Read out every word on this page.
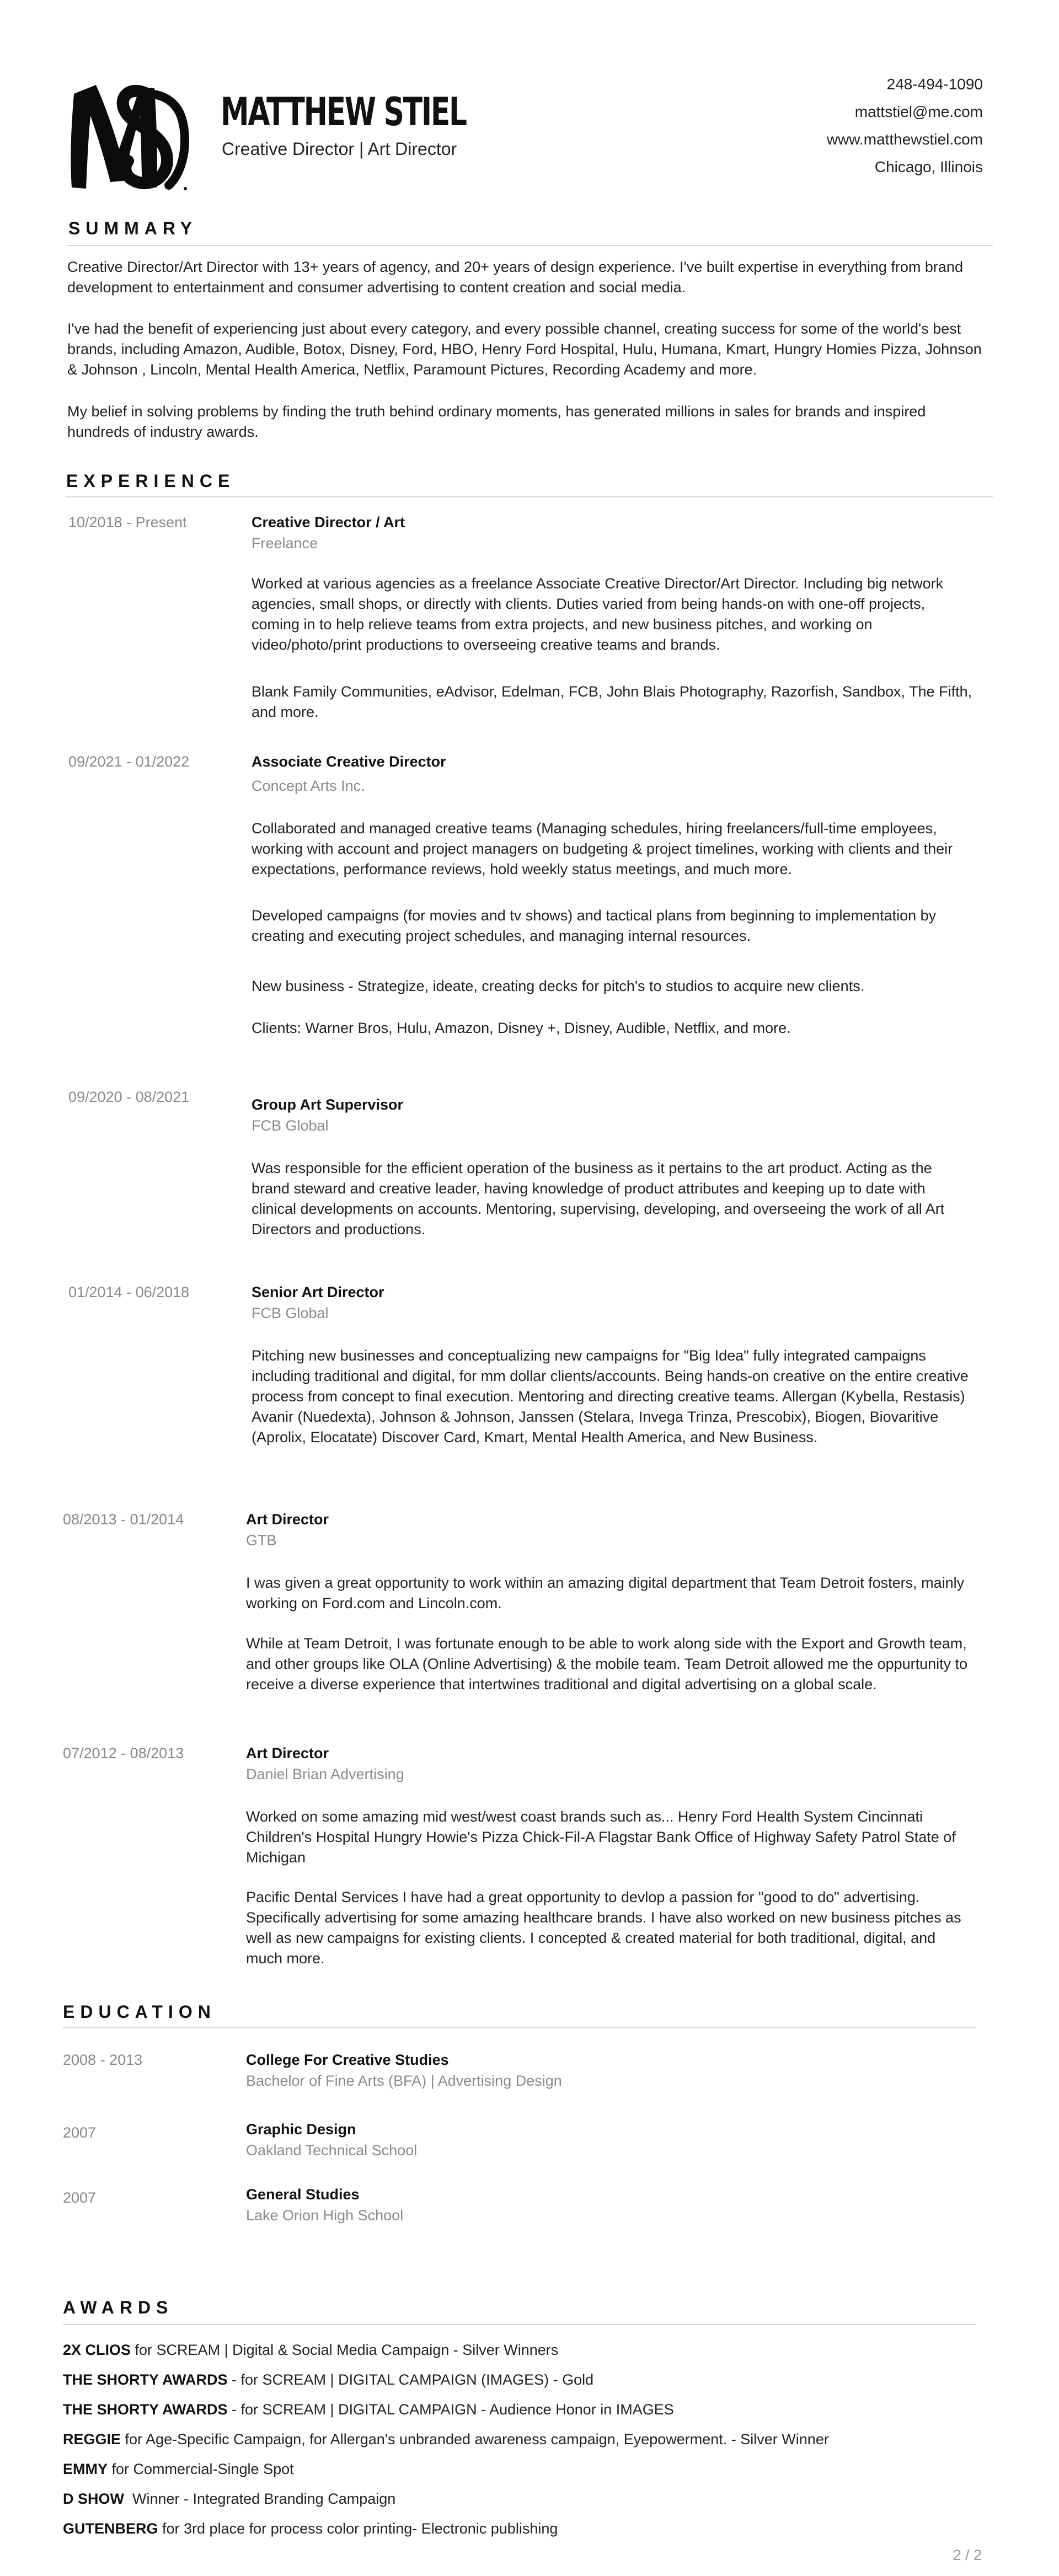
MATTHEW STIEL
Creative Director | Art Director
248-494-1090
mattstiel@me.com
www.matthewstiel.com
Chicago, Illinois
SUMMARY
Creative Director/Art Director with 13+ years of agency, and 20+ years of design experience. I've built expertise in everything from brand development to entertainment and consumer advertising to content creation and social media.
I've had the benefit of experiencing just about every category, and every possible channel, creating success for some of the world's best brands, including Amazon, Audible, Botox, Disney, Ford, HBO, Henry Ford Hospital, Hulu, Humana, Kmart, Hungry Homies Pizza, Johnson & Johnson , Lincoln, Mental Health America, Netflix, Paramount Pictures, Recording Academy and more.
My belief in solving problems by finding the truth behind ordinary moments, has generated millions in sales for brands and inspired hundreds of industry awards.
EXPERIENCE
10/2018 - Present	Creative Director / Art
Freelance
Worked at various agencies as a freelance Associate Creative Director/Art Director. Including big network agencies, small shops, or directly with clients. Duties varied from being hands-on with one-off projects, coming in to help relieve teams from extra projects, and new business pitches, and working on video/photo/print productions to overseeing creative teams and brands.
Blank Family Communities, eAdvisor, Edelman, FCB, John Blais Photography, Razorfish, Sandbox, The Fifth, and more.
09/2021 - 01/2022	Associate Creative Director
Concept Arts Inc.
Collaborated and managed creative teams (Managing schedules, hiring freelancers/full-time employees, working with account and project managers on budgeting & project timelines, working with clients and their expectations, performance reviews, hold weekly status meetings, and much more.
Developed campaigns (for movies and tv shows) and tactical plans from beginning to implementation by creating and executing project schedules, and managing internal resources.
New business - Strategize, ideate, creating decks for pitch's to studios to acquire new clients.
Clients: Warner Bros, Hulu, Amazon, Disney +, Disney, Audible, Netflix, and more.
09/2020 - 08/2021	Group Art Supervisor
FCB Global
Was responsible for the efficient operation of the business as it pertains to the art product. Acting as the brand steward and creative leader, having knowledge of product attributes and keeping up to date with clinical developments on accounts. Mentoring, supervising, developing, and overseeing the work of all Art Directors and productions.
01/2014 - 06/2018	Senior Art Director
FCB Global
Pitching new businesses and conceptualizing new campaigns for "Big Idea" fully integrated campaigns including traditional and digital, for mm dollar clients/accounts. Being hands-on creative on the entire creative process from concept to final execution. Mentoring and directing creative teams. Allergan (Kybella, Restasis) Avanir (Nuedexta), Johnson & Johnson, Janssen (Stelara, Invega Trinza, Prescobix), Biogen, Biovaritive (Aprolix, Elocatate) Discover Card, Kmart, Mental Health America, and New Business.
08/2013 - 01/2014	Art Director
GTB
I was given a great opportunity to work within an amazing digital department that Team Detroit fosters, mainly working on Ford.com and Lincoln.com.
While at Team Detroit, I was fortunate enough to be able to work along side with the Export and Growth team, and other groups like OLA (Online Advertising) & the mobile team. Team Detroit allowed me the oppurtunity to receive a diverse experience that intertwines traditional and digital advertising on a global scale.
07/2012 - 08/2013	Art Director
Daniel Brian Advertising
Worked on some amazing mid west/west coast brands such as... Henry Ford Health System Cincinnati Children's Hospital Hungry Howie's Pizza Chick-Fil-A Flagstar Bank Office of Highway Safety Patrol State of Michigan
Pacific Dental Services I have had a great opportunity to devlop a passion for "good to do" advertising. Specifically advertising for some amazing healthcare brands. I have also worked on new business pitches as well as new campaigns for existing clients. I concepted & created material for both traditional, digital, and much more.
EDUCATION
2008 - 2013	College For Creative Studies
Bachelor of Fine Arts (BFA) | Advertising Design
2007	Graphic Design
Oakland Technical School
2007	General Studies
Lake Orion High School
AWARDS
2X CLIOS for SCREAM | Digital & Social Media Campaign - Silver Winners
THE SHORTY AWARDS - for SCREAM | DIGITAL CAMPAIGN (IMAGES) - Gold
THE SHORTY AWARDS - for SCREAM | DIGITAL CAMPAIGN - Audience Honor in IMAGES
REGGIE for Age-Specific Campaign, for Allergan's unbranded awareness campaign, Eyepowerment. - Silver Winner
EMMY for Commercial-Single Spot
D SHOW  Winner - Integrated Branding Campaign
GUTENBERG for 3rd place for process color printing- Electronic publishing
2 / 2
